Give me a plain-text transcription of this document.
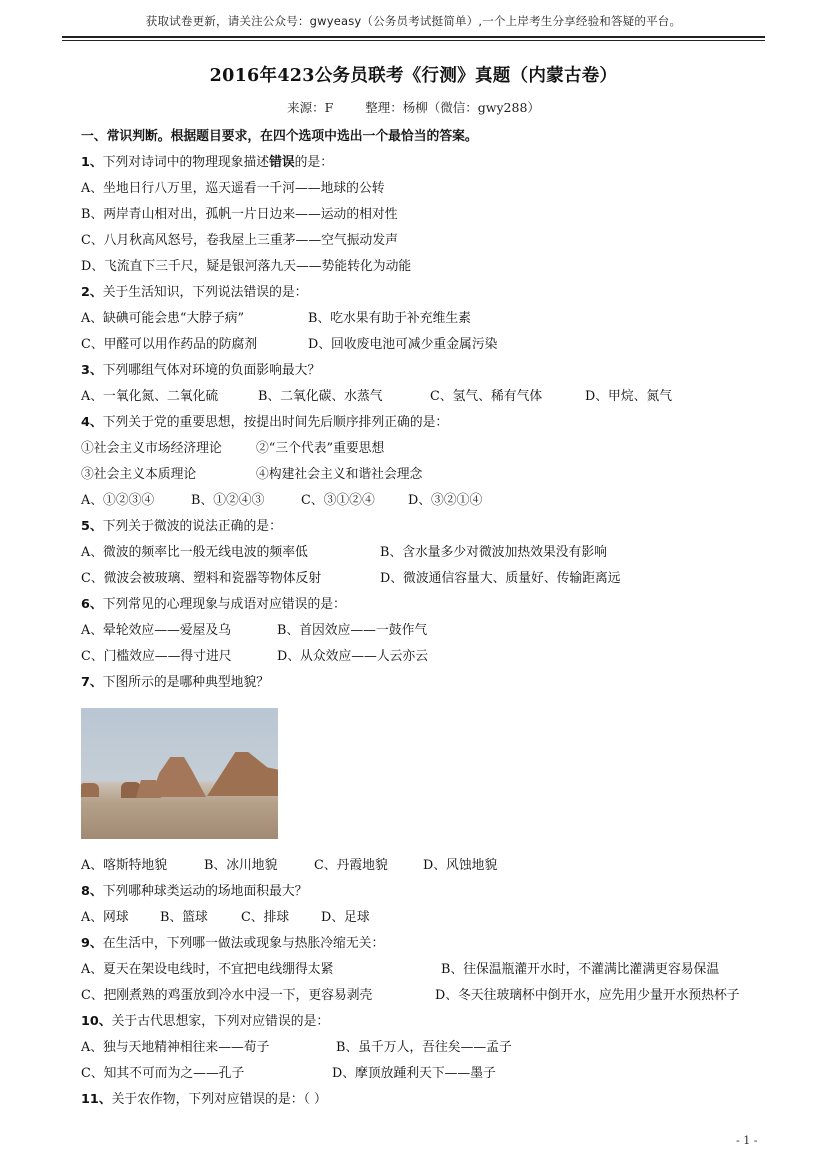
获取试卷更新，请关注公众号：gwyeasy（公务员考试挺简单）,一个上岸考生分享经验和答疑的平台。
2016年423公务员联考《行测》真题（内蒙古卷）
来源：F	整理：杨柳（微信：gwy288）
一、常识判断。根据题目要求，在四个选项中选出一个最恰当的答案。
1、下列对诗词中的物理现象描述错误的是：
A、坐地日行八万里，巡天遥看一千河——地球的公转
B、两岸青山相对出，孤帆一片日边来——运动的相对性
C、八月秋高风怒号，卷我屋上三重茅——空气振动发声
D、飞流直下三千尺，疑是银河落九天——势能转化为动能
2、关于生活知识，下列说法错误的是：
A、缺碘可能会患“大脖子病”	B、吃水果有助于补充维生素
C、甲醛可以用作药品的防腐剂	D、回收废电池可减少重金属污染
3、下列哪组气体对环境的负面影响最大？
A、一氧化氮、二氧化硫	B、二氧化碳、水蒸气	C、氢气、稀有气体	D、甲烷、氮气
4、下列关于党的重要思想，按提出时间先后顺序排列正确的是：
①社会主义市场经济理论	②“三个代表”重要思想
③社会主义本质理论	④构建社会主义和谐社会理念
A、①②③④	B、①②④③	C、③①②④	D、③②①④
5、下列关于微波的说法正确的是：
A、微波的频率比一般无线电波的频率低	B、含水量多少对微波加热效果没有影响
C、微波会被玻璃、塑料和瓷器等物体反射	D、微波通信容量大、质量好、传输距离远
6、下列常见的心理现象与成语对应错误的是：
A、晕轮效应——爱屋及乌	B、首因效应——一鼓作气
C、门槛效应——得寸进尺	D、从众效应——人云亦云
7、下图所示的是哪种典型地貌？
A、喀斯特地貌	B、冰川地貌	C、丹霞地貌	D、风蚀地貌
8、下列哪种球类运动的场地面积最大？
A、网球 B、篮球	C、排球 D、足球
9、在生活中，下列哪一做法或现象与热胀冷缩无关：
A、夏天在架设电线时，不宜把电线绷得太紧	B、往保温瓶灌开水时，不灌满比灌满更容易保温
C、把刚煮熟的鸡蛋放到冷水中浸一下，更容易剥壳	D、冬天往玻璃杯中倒开水，应先用少量开水预热杯子
10、关于古代思想家，下列对应错误的是：
A、独与天地精神相往来——荀子	B、虽千万人，吾往矣——孟子
C、知其不可而为之——孔子	D、摩顶放踵利天下——墨子
11、关于农作物，下列对应错误的是：（ ）
- 1 -
